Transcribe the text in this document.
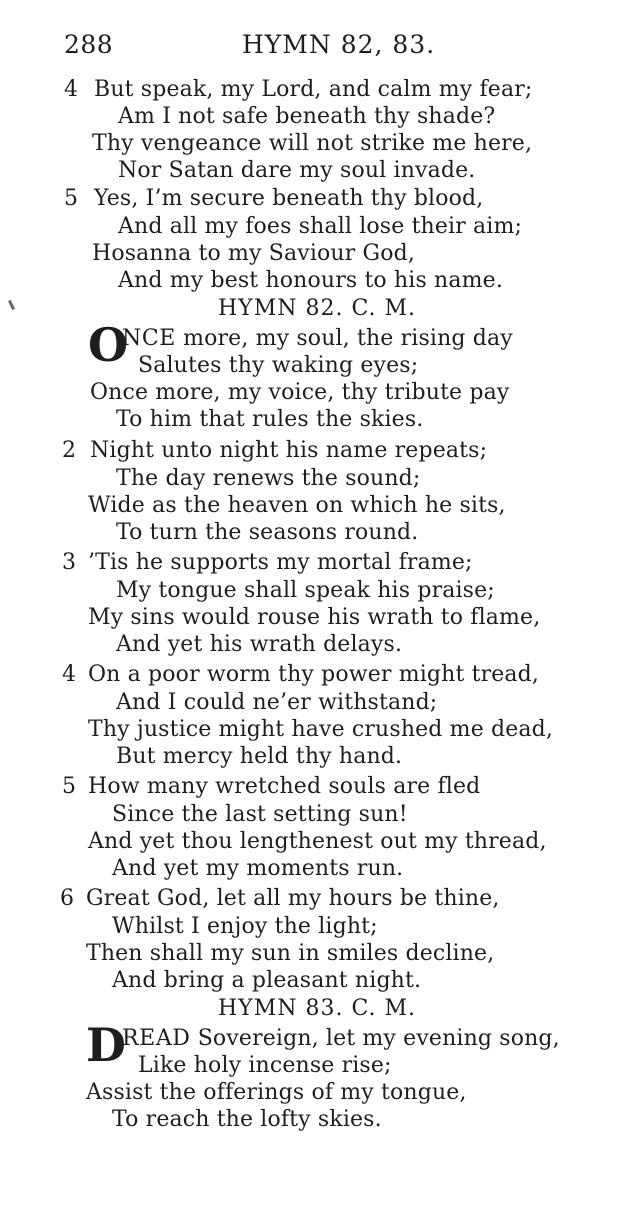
288	HYMN 82, 83.
4 But speak, my Lord, and calm my fear;
Am I not safe beneath thy shade?
Thy vengeance will not strike me here,
Nor Satan dare my soul invade.
5 Yes, I’m secure beneath thy blood,
And all my foes shall lose their aim;
Hosanna to my Saviour God,
And my best honours to his name.
HYMN 82. C. M.
O
NCE more, my soul, the rising day
Salutes thy waking eyes;
Once more, my voice, thy tribute pay
To him that rules the skies.
2 Night unto night his name repeats;
The day renews the sound;
Wide as the heaven on which he sits,
To turn the seasons round.
3 ’Tis he supports my mortal frame;
My tongue shall speak his praise;
My sins would rouse his wrath to flame,
And yet his wrath delays.
4 On a poor worm thy power might tread,
And I could ne’er withstand;
Thy justice might have crushed me dead,
But mercy held thy hand.
5 How many wretched souls are fled
Since the last setting sun!
And yet thou lengthenest out my thread,
And yet my moments run.
6 Great God, let all my hours be thine,
Whilst I enjoy the light;
Then shall my sun in smiles decline,
And bring a pleasant night.
HYMN 83. C. M.
D
READ Sovereign, let my evening song,
Like holy incense rise;
Assist the offerings of my tongue,
To reach the lofty skies.
